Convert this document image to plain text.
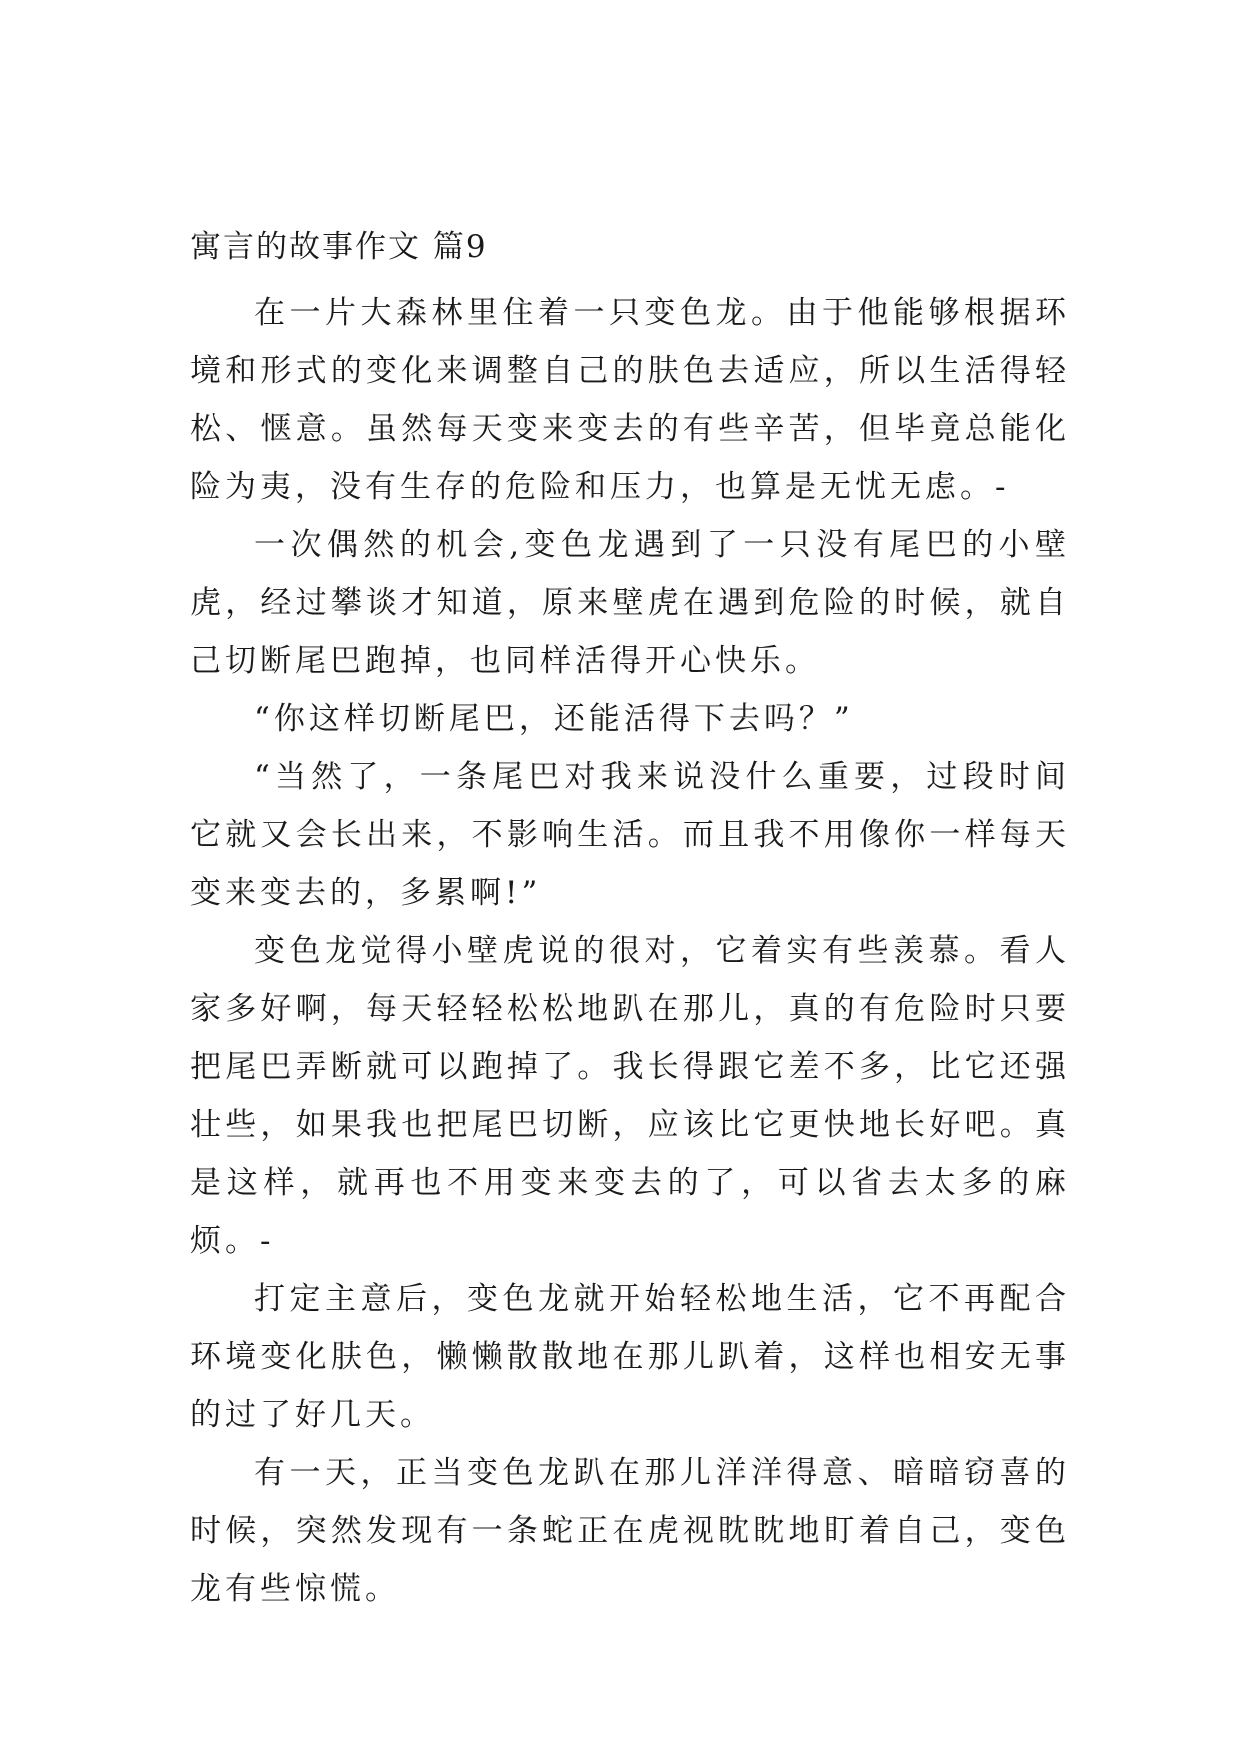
寓言的故事作文 篇9

在一片大森林里住着一只变色龙。由于他能够根据环境和形式的变化来调整自己的肤色去适应，所以生活得轻松、惬意。虽然每天变来变去的有些辛苦，但毕竟总能化险为夷，没有生存的危险和压力，也算是无忧无虑。-

一次偶然的机会,变色龙遇到了一只没有尾巴的小壁虎，经过攀谈才知道，原来壁虎在遇到危险的时候，就自己切断尾巴跑掉，也同样活得开心快乐。

“你这样切断尾巴，还能活得下去吗？”

“当然了，一条尾巴对我来说没什么重要，过段时间它就又会长出来，不影响生活。而且我不用像你一样每天变来变去的，多累啊!”

变色龙觉得小壁虎说的很对，它着实有些羡慕。看人家多好啊，每天轻轻松松地趴在那儿，真的有危险时只要把尾巴弄断就可以跑掉了。我长得跟它差不多，比它还强壮些，如果我也把尾巴切断，应该比它更快地长好吧。真是这样，就再也不用变来变去的了，可以省去太多的麻烦。-

打定主意后，变色龙就开始轻松地生活，它不再配合环境变化肤色，懒懒散散地在那儿趴着，这样也相安无事的过了好几天。

有一天，正当变色龙趴在那儿洋洋得意、暗暗窃喜的时候，突然发现有一条蛇正在虎视眈眈地盯着自己，变色龙有些惊慌。
